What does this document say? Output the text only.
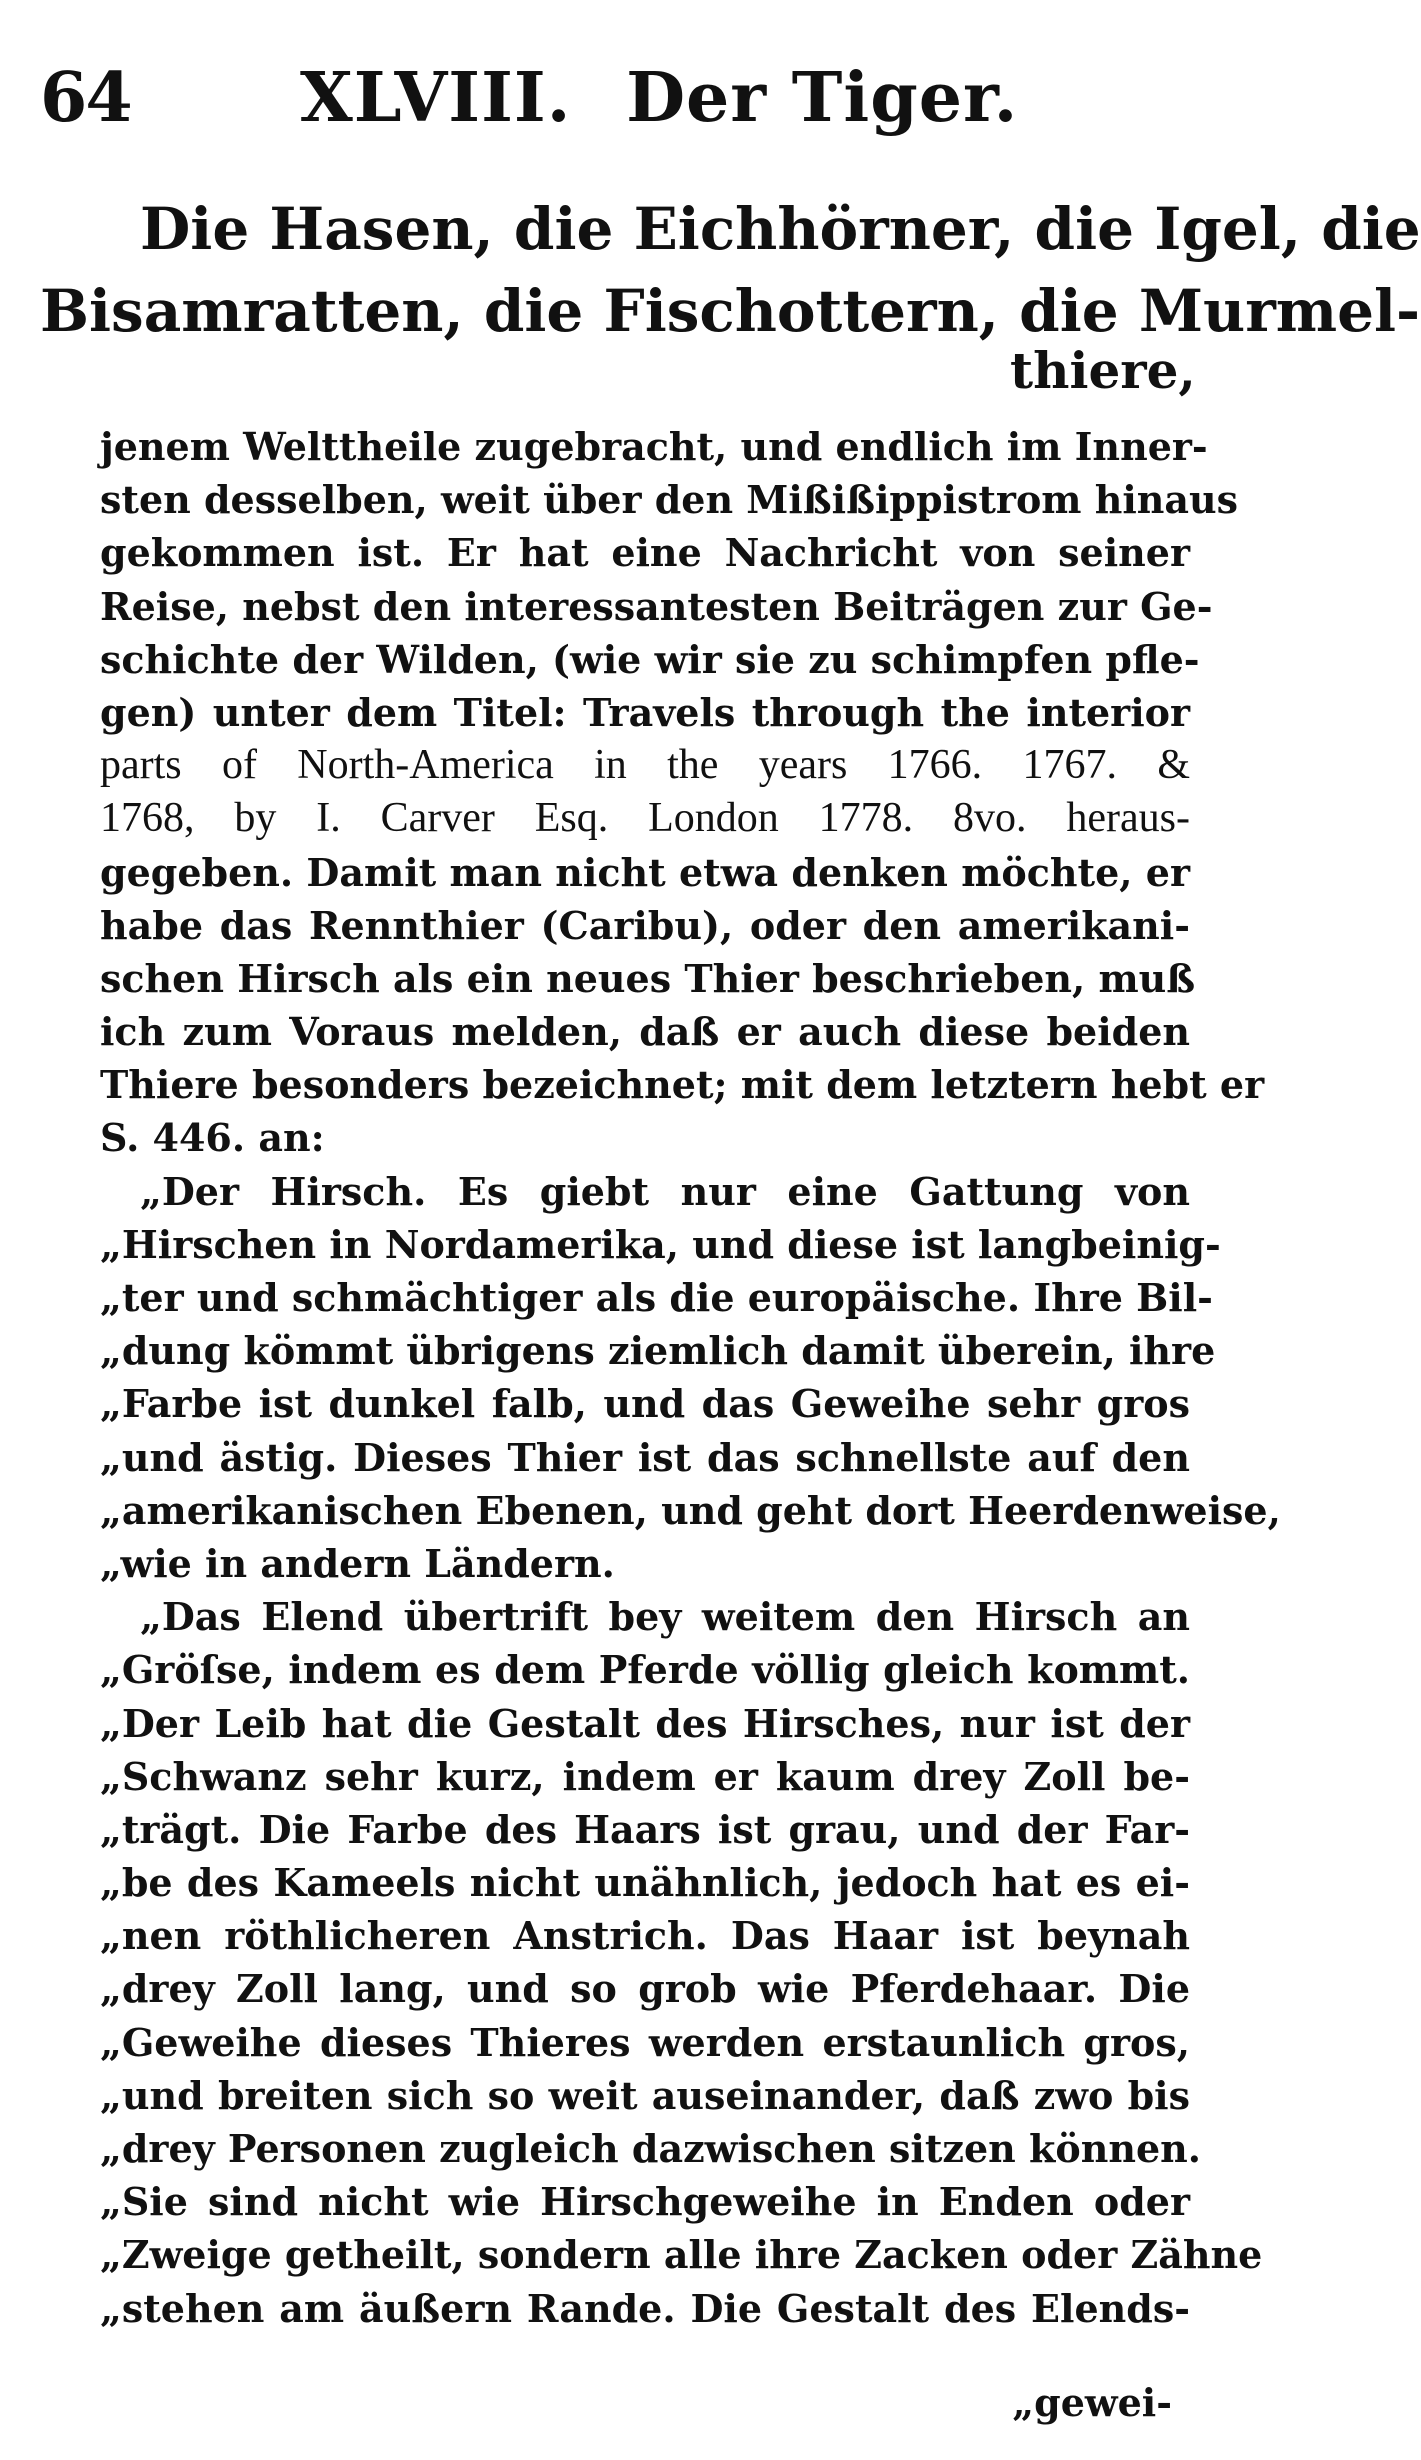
64 XLVIII. Der Tiger.
Die Hasen, die Eichhörner, die Igel, die
Bisamratten, die Fischottern, die Murmel-
thiere,
jenem Welttheile zugebracht, und endlich im Inner-
sten desselben, weit über den Mißißippistrom hinaus
gekommen ist. Er hat eine Nachricht von seiner
Reise, nebst den interessantesten Beiträgen zur Ge-
schichte der Wilden, (wie wir sie zu schimpfen pfle-
gen) unter dem Titel: Travels through the interior
parts of North-America in the years 1766. 1767. &
1768, by I. Carver Esq. London 1778. 8vo. heraus-
gegeben. Damit man nicht etwa denken möchte, er
habe das Rennthier (Caribu), oder den amerikani-
schen Hirsch als ein neues Thier beschrieben, muß
ich zum Voraus melden, daß er auch diese beiden
Thiere besonders bezeichnet; mit dem letztern hebt er
S. 446. an:
„Der Hirsch. Es giebt nur eine Gattung von
„Hirschen in Nordamerika, und diese ist langbeinig-
„ter und schmächtiger als die europäische. Ihre Bil-
„dung kömmt übrigens ziemlich damit überein, ihre
„Farbe ist dunkel falb, und das Geweihe sehr gros
„und ästig. Dieses Thier ist das schnellste auf den
„amerikanischen Ebenen, und geht dort Heerdenweise,
„wie in andern Ländern.
„Das Elend übertrift bey weitem den Hirsch an
„Gröſse, indem es dem Pferde völlig gleich kommt.
„Der Leib hat die Gestalt des Hirsches, nur ist der
„Schwanz sehr kurz, indem er kaum drey Zoll be-
„trägt. Die Farbe des Haars ist grau, und der Far-
„be des Kameels nicht unähnlich, jedoch hat es ei-
„nen röthlicheren Anstrich. Das Haar ist beynah
„drey Zoll lang, und so grob wie Pferdehaar. Die
„Geweihe dieses Thieres werden erstaunlich gros,
„und breiten sich so weit auseinander, daß zwo bis
„drey Personen zugleich dazwischen sitzen können.
„Sie sind nicht wie Hirschgeweihe in Enden oder
„Zweige getheilt, sondern alle ihre Zacken oder Zähne
„stehen am äußern Rande. Die Gestalt des Elends-
„gewei-
